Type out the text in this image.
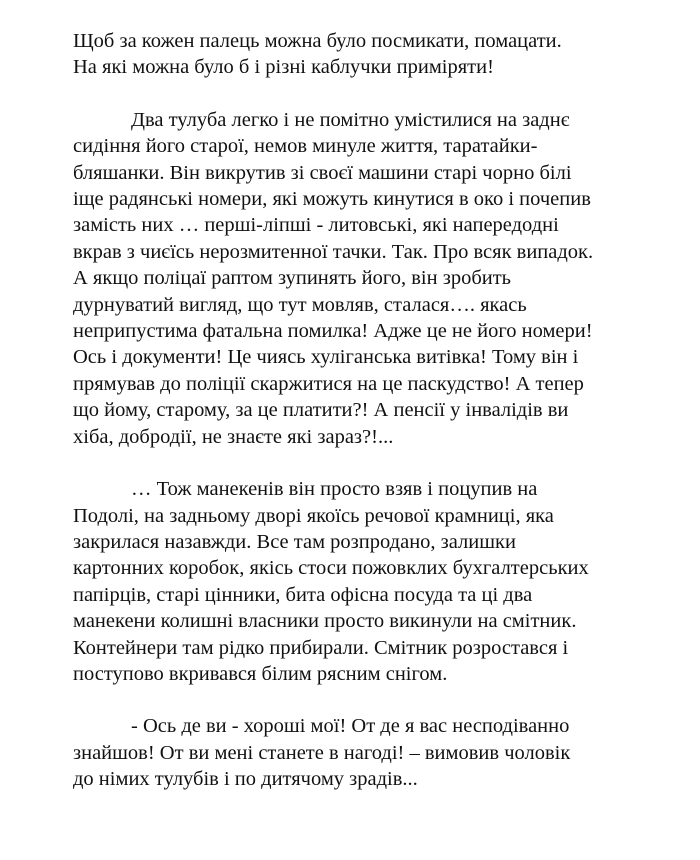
Щоб за кожен палець можна було посмикати, помацати.
На які можна було б і різні каблучки приміряти!
Два тулуба легко і не помітно умістилися на заднє
сидіння його старої, немов минуле життя, таратайки-
бляшанки. Він викрутив зі своєї машини старі чорно білі
іще радянські номери, які можуть кинутися в око і почепив
замість них … перші-ліпші - литовські, які напередодні
вкрав з чиєїсь нерозмитенної тачки. Так. Про всяк випадок.
А якщо поліцаї раптом зупинять його, він зробить
дурнуватий вигляд, що тут мовляв, сталася…. якась
неприпустима фатальна помилка! Адже це не його номери!
Ось і документи! Це чиясь хуліганська витівка! Тому він і
прямував до поліції скаржитися на це паскудство! А тепер
що йому, старому, за це платити?! А пенсії у інвалідів ви
хіба, добродії, не знаєте які зараз?!...
… Тож манекенів він просто взяв і поцупив на
Подолі, на задньому дворі якоїсь речової крамниці, яка
закрилася назавжди. Все там розпродано, залишки
картонних коробок, якісь стоси пожовклих бухгалтерських
папірців, старі цінники, бита офісна посуда та ці два
манекени колишні власники просто викинули на смітник.
Контейнери там рідко прибирали. Смітник розростався і
поступово вкривався білим рясним снігом.
- Ось де ви - хороші мої! От де я вас несподіванно
знайшов! От ви мені станете в нагоді! – вимовив чоловік
до німих тулубів і по дитячому зрадів...
